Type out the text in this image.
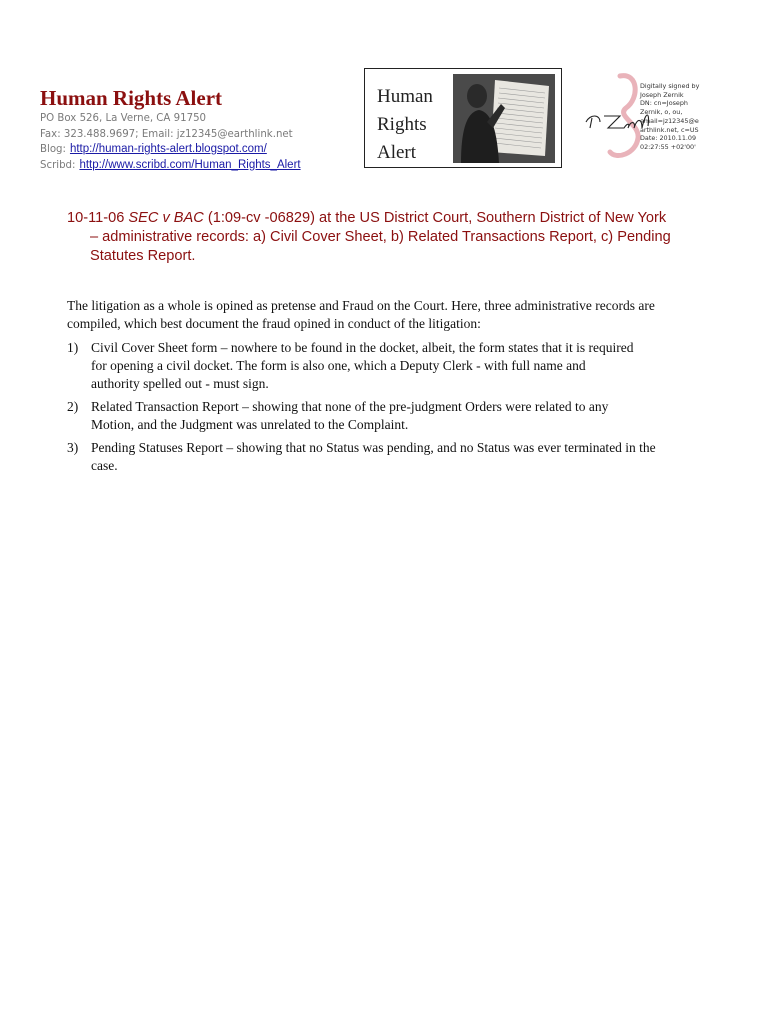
Human Rights Alert
PO Box 526, La Verne, CA 91750
Fax: 323.488.9697; Email: jz12345@earthlink.net
Blog: http://human-rights-alert.blogspot.com/
Scribd: http://www.scribd.com/Human_Rights_Alert
Human
Rights
Alert
Digitally signed by
Joseph Zernik
DN: cn=Joseph
Zernik, o, ou,
email=jz12345@e
arthlink.net, c=US
Date: 2010.11.09
02:27:55 +02'00'
10-11-06 SEC v BAC (1:09-cv -06829) at the US District Court, Southern District of New York
– administrative records: a) Civil Cover Sheet, b) Related Transactions Report, c) Pending
Statutes Report.
The litigation as a whole is opined as pretense and Fraud on the Court. Here, three administrative records are
compiled, which best document the fraud opined in conduct of the litigation:
1) Civil Cover Sheet form – nowhere to be found in the docket, albeit, the form states that it is required
for opening a civil docket. The form is also one, which a Deputy Clerk - with full name and
authority spelled out - must sign.
2) Related Transaction Report – showing that none of the pre-judgment Orders were related to any
Motion, and the Judgment was unrelated to the Complaint.
3) Pending Statuses Report – showing that no Status was pending, and no Status was ever terminated in the
case.
